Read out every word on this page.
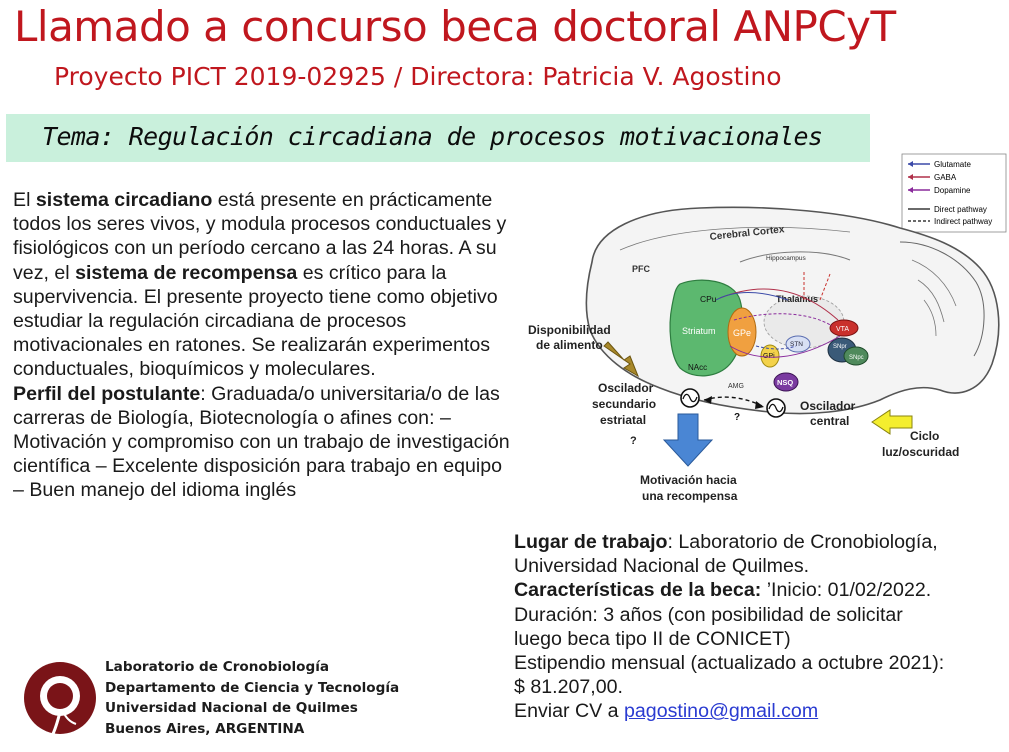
Llamado a concurso beca doctoral ANPCyT
Proyecto PICT 2019-02925 / Directora: Patricia V. Agostino
Tema: Regulación circadiana de procesos motivacionales
El sistema circadiano está presente en prácticamente todos los seres vivos, y modula procesos conductuales y fisiológicos con un período cercano a las 24 horas. A su vez, el sistema de recompensa es crítico para la supervivencia. El presente proyecto tiene como objetivo estudiar la regulación circadiana de procesos motivacionales en ratones. Se realizarán experimentos conductuales, bioquímicos y moleculares.
Perfil del postulante: Graduada/o universitaria/o de las carreras de Biología, Biotecnología o afines con: – Motivación y compromiso con un trabajo de investigación científica – Excelente disposición para trabajo en equipo – Buen manejo del idioma inglés
Glutamate
GABA
Dopamine
Direct pathway
Indirect pathway
Cerebral Cortex
Hippocampus
PFC
CPu
Striatum
NAcc
GPe
GPi
Thalamus
STN
VTA
SNpr
SNpc
NSQ
AMG
?
Disponibilidad
de alimento
Oscilador
secundario
estriatal
?
Oscilador
central
Ciclo
luz/oscuridad
Motivación hacia
una recompensa
Lugar de trabajo: Laboratorio de Cronobiología,
Universidad Nacional de Quilmes.
Características de la beca: ’Inicio: 01/02/2022.
Duración: 3 años (con posibilidad de solicitar
luego beca tipo II de CONICET)
Estipendio mensual (actualizado a octubre 2021):
$ 81.207,00.
Enviar CV a pagostino@gmail.com
Laboratorio de Cronobiología
Departamento de Ciencia y Tecnología
Universidad Nacional de Quilmes
Buenos Aires, ARGENTINA
